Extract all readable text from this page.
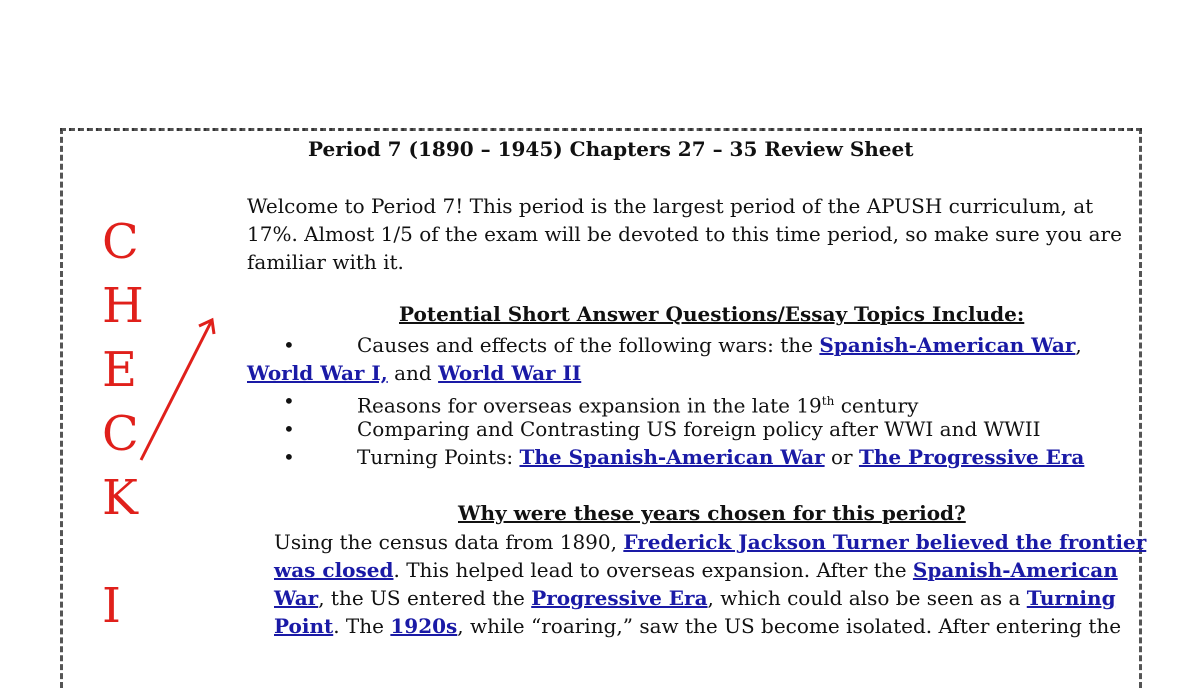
Period 7 (1890 – 1945) Chapters 27 – 35 Review Sheet
C
H
E
C
K
I
Welcome to Period 7! This period is the largest period of the APUSH curriculum, at
17%. Almost 1/5 of the exam will be devoted to this time period, so make sure you are
familiar with it.
Potential Short Answer Questions/Essay Topics Include:
•	Causes and effects of the following wars: the Spanish-American War,
World War I, and World War II
•	Reasons for overseas expansion in the late 19th century
•	Comparing and Contrasting US foreign policy after WWI and WWII
•	Turning Points: The Spanish-American War or The Progressive Era
Why were these years chosen for this period?
Using the census data from 1890, Frederick Jackson Turner believed the frontier
was closed. This helped lead to overseas expansion. After the Spanish-American
War, the US entered the Progressive Era, which could also be seen as a Turning
Point. The 1920s, while “roaring,” saw the US become isolated. After entering the
